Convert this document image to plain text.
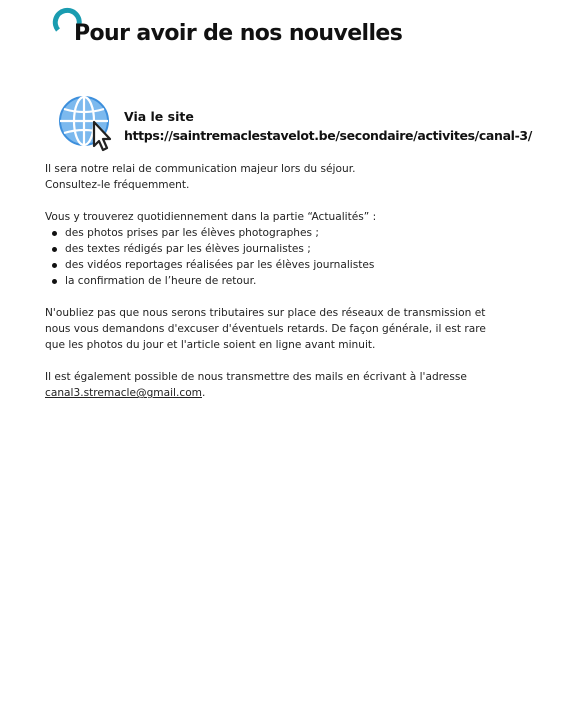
Pour avoir de nos nouvelles
Via le site
https://saintremaclestavelot.be/secondaire/activites/canal-3/

Il sera notre relai de communication majeur lors du séjour.

Consultez-le fréquemment.

Vous y trouverez quotidiennement dans la partie “Actualités” :

des photos prises par les élèves photographes ;
des textes rédigés par les élèves journalistes ;
des vidéos reportages réalisées par les élèves journalistes
la confirmation de l’heure de retour.

N'oubliez pas que nous serons tributaires sur place des réseaux de transmission et

nous vous demandons d'excuser d'éventuels retards. De façon générale, il est rare

que les photos du jour et l'article soient en ligne avant minuit.

Il est également possible de nous transmettre des mails en écrivant à l'adresse

canal3.stremacle@gmail.com.
